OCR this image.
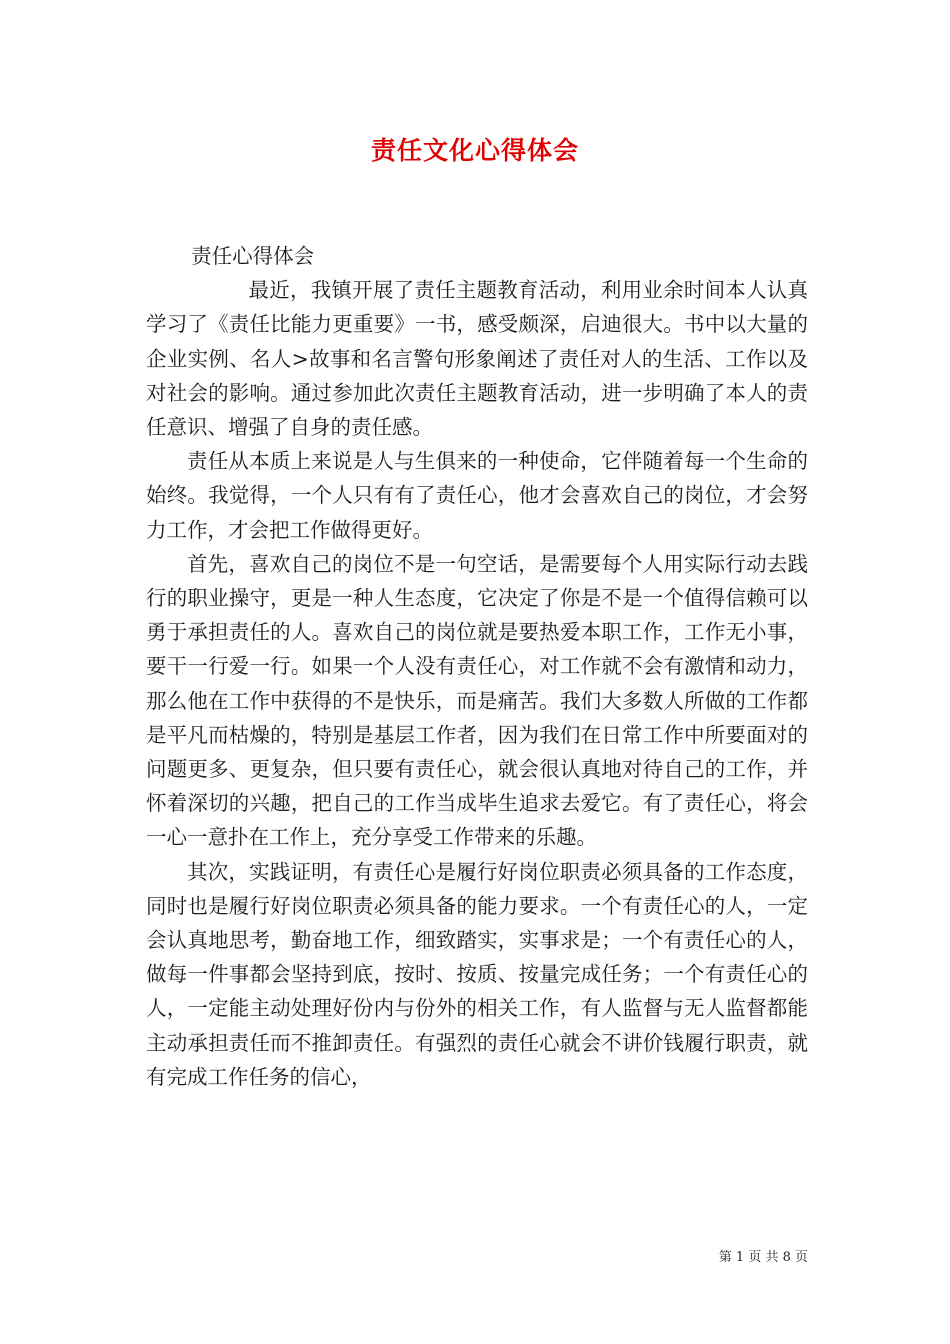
责任文化心得体会

责任心得体会

最近，我镇开展了责任主题教育活动，利用业余时间本人认真学习了《责任比能力更重要》一书，感受颇深，启迪很大。书中以大量的企业实例、名人>故事和名言警句形象阐述了责任对人的生活、工作以及对社会的影响。通过参加此次责任主题教育活动，进一步明确了本人的责任意识、增强了自身的责任感。

责任从本质上来说是人与生俱来的一种使命，它伴随着每一个生命的始终。我觉得，一个人只有有了责任心，他才会喜欢自己的岗位，才会努力工作，才会把工作做得更好。

首先，喜欢自己的岗位不是一句空话，是需要每个人用实际行动去践行的职业操守，更是一种人生态度，它决定了你是不是一个值得信赖可以勇于承担责任的人。喜欢自己的岗位就是要热爱本职工作，工作无小事，要干一行爱一行。如果一个人没有责任心，对工作就不会有激情和动力，那么他在工作中获得的不是快乐，而是痛苦。我们大多数人所做的工作都是平凡而枯燥的，特别是基层工作者，因为我们在日常工作中所要面对的问题更多、更复杂，但只要有责任心，就会很认真地对待自己的工作，并怀着深切的兴趣，把自己的工作当成毕生追求去爱它。有了责任心，将会一心一意扑在工作上，充分享受工作带来的乐趣。

其次，实践证明，有责任心是履行好岗位职责必须具备的工作态度，同时也是履行好岗位职责必须具备的能力要求。一个有责任心的人，一定会认真地思考，勤奋地工作，细致踏实，实事求是；一个有责任心的人，做每一件事都会坚持到底，按时、按质、按量完成任务；一个有责任心的人，一定能主动处理好份内与份外的相关工作，有人监督与无人监督都能主动承担责任而不推卸责任。有强烈的责任心就会不讲价钱履行职责，就有完成工作任务的信心，

第 1 页 共 8 页
